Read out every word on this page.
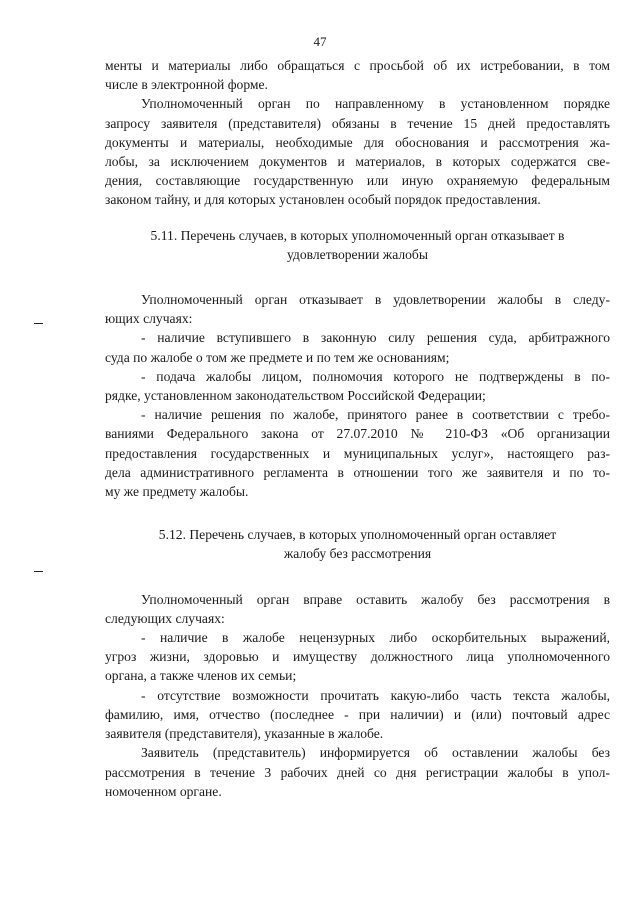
47
менты и материалы либо обращаться с просьбой об их истребовании, в том
числе в электронной форме.
Уполномоченный орган по направленному в установленном порядке
запросу заявителя (представителя) обязаны в течение 15 дней предоставлять
документы и материалы, необходимые для обоснования и рассмотрения жа-
лобы, за исключением документов и материалов, в которых содержатся све-
дения, составляющие государственную или иную охраняемую федеральным
законом тайну, и для которых установлен особый порядок предоставления.
5.11. Перечень случаев, в которых уполномоченный орган отказывает в
удовлетворении жалобы
Уполномоченный орган отказывает в удовлетворении жалобы в следу-
ющих случаях:
- наличие вступившего в законную силу решения суда, арбитражного
суда по жалобе о том же предмете и по тем же основаниям;
- подача жалобы лицом, полномочия которого не подтверждены в по-
рядке, установленном законодательством Российской Федерации;
- наличие решения по жалобе, принятого ранее в соответствии с требо-
ваниями Федерального закона от 27.07.2010 № 210-ФЗ «Об организации
предоставления государственных и муниципальных услуг», настоящего раз-
дела административного регламента в отношении того же заявителя и по то-
му же предмету жалобы.
5.12. Перечень случаев, в которых уполномоченный орган оставляет
жалобу без рассмотрения
Уполномоченный орган вправе оставить жалобу без рассмотрения в
следующих случаях:
- наличие в жалобе нецензурных либо оскорбительных выражений,
угроз жизни, здоровью и имуществу должностного лица уполномоченного
органа, а также членов их семьи;
- отсутствие возможности прочитать какую-либо часть текста жалобы,
фамилию, имя, отчество (последнее - при наличии) и (или) почтовый адрес
заявителя (представителя), указанные в жалобе.
Заявитель (представитель) информируется об оставлении жалобы без
рассмотрения в течение 3 рабочих дней со дня регистрации жалобы в упол-
номоченном органе.
